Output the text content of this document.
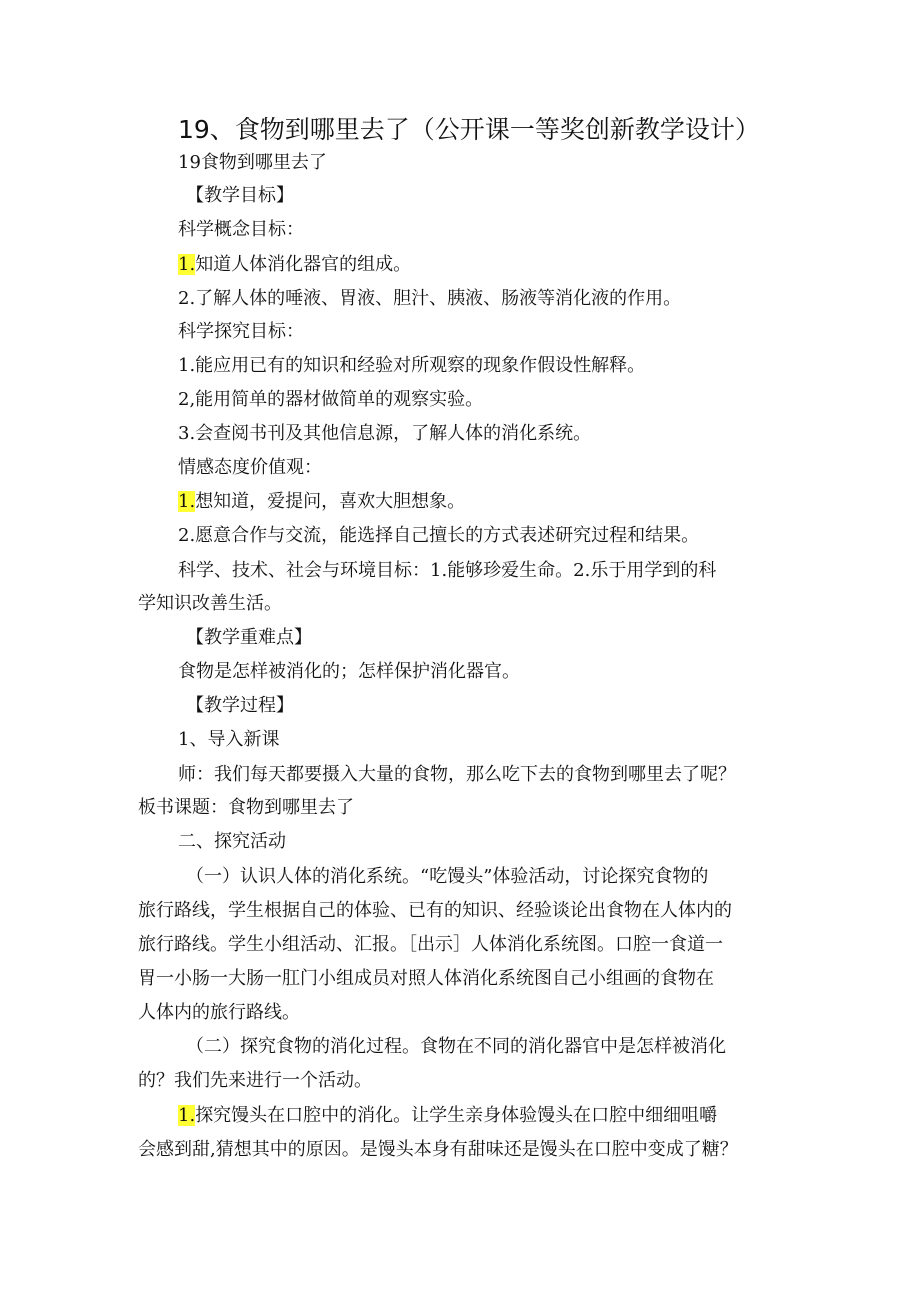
19、食物到哪里去了（公开课一等奖创新教学设计）
19食物到哪里去了
【教学目标】
科学概念目标：
1.知道人体消化器官的组成。
2.了解人体的唾液、胃液、胆汁、胰液、肠液等消化液的作用。
科学探究目标：
1.能应用已有的知识和经验对所观察的现象作假设性解释。
2,能用简单的器材做简单的观察实验。
3.会查阅书刊及其他信息源，了解人体的消化系统。
情感态度价值观：
1.想知道，爱提问，喜欢大胆想象。
2.愿意合作与交流，能选择自己擅长的方式表述研究过程和结果。
科学、技术、社会与环境目标：1.能够珍爱生命。2.乐于用学到的科
学知识改善生活。
【教学重难点】
食物是怎样被消化的；怎样保护消化器官。
【教学过程】
1、导入新课
师：我们每天都要摄入大量的食物，那么吃下去的食物到哪里去了呢？
板书课题：食物到哪里去了
二、探究活动
（一）认识人体的消化系统。“吃馒头”体验活动，讨论探究食物的
旅行路线，学生根据自己的体验、已有的知识、经验谈论出食物在人体内的
旅行路线。学生小组活动、汇报。［出示］人体消化系统图。口腔一食道一
胃一小肠一大肠一肛门小组成员对照人体消化系统图自己小组画的食物在
人体内的旅行路线。
（二）探究食物的消化过程。食物在不同的消化器官中是怎样被消化
的？我们先来进行一个活动。
1.探究馒头在口腔中的消化。让学生亲身体验馒头在口腔中细细咀嚼
会感到甜,猜想其中的原因。是馒头本身有甜味还是馒头在口腔中变成了糖？
